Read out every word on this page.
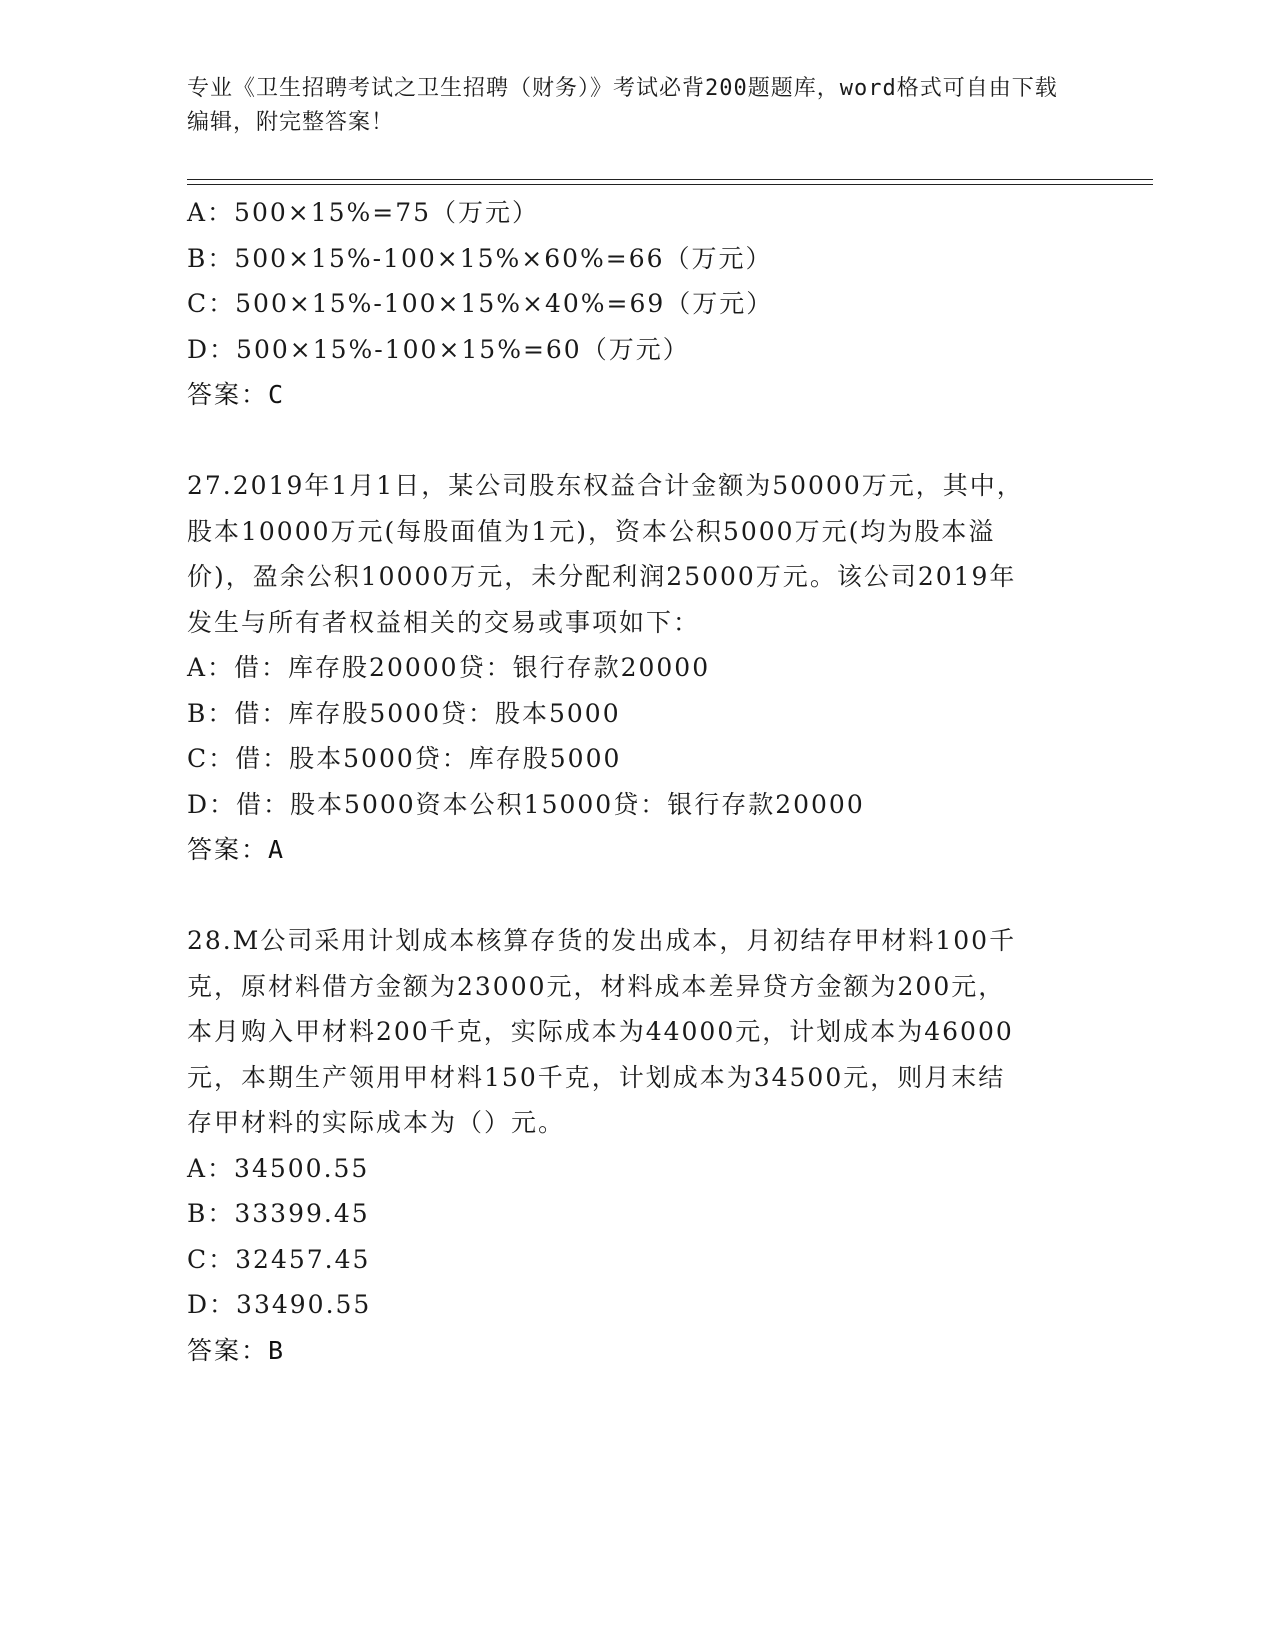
专业《卫生招聘考试之卫生招聘（财务）》考试必背200题题库，word格式可自由下载编辑，附完整答案！
A：500×15%=75（万元）
B：500×15%-100×15%×60%=66（万元）
C：500×15%-100×15%×40%=69（万元）
D：500×15%-100×15%=60（万元）
答案：C
27.2019年1月1日，某公司股东权益合计金额为50000万元，其中，
股本10000万元(每股面值为1元)，资本公积5000万元(均为股本溢
价)，盈余公积10000万元，未分配利润25000万元。该公司2019年
发生与所有者权益相关的交易或事项如下：
A：借：库存股20000贷：银行存款20000
B：借：库存股5000贷：股本5000
C：借：股本5000贷：库存股5000
D：借：股本5000资本公积15000贷：银行存款20000
答案：A
28.M公司采用计划成本核算存货的发出成本，月初结存甲材料100千
克，原材料借方金额为23000元，材料成本差异贷方金额为200元，
本月购入甲材料200千克，实际成本为44000元，计划成本为46000
元，本期生产领用甲材料150千克，计划成本为34500元，则月末结
存甲材料的实际成本为（）元。
A：34500.55
B：33399.45
C：32457.45
D：33490.55
答案：B
